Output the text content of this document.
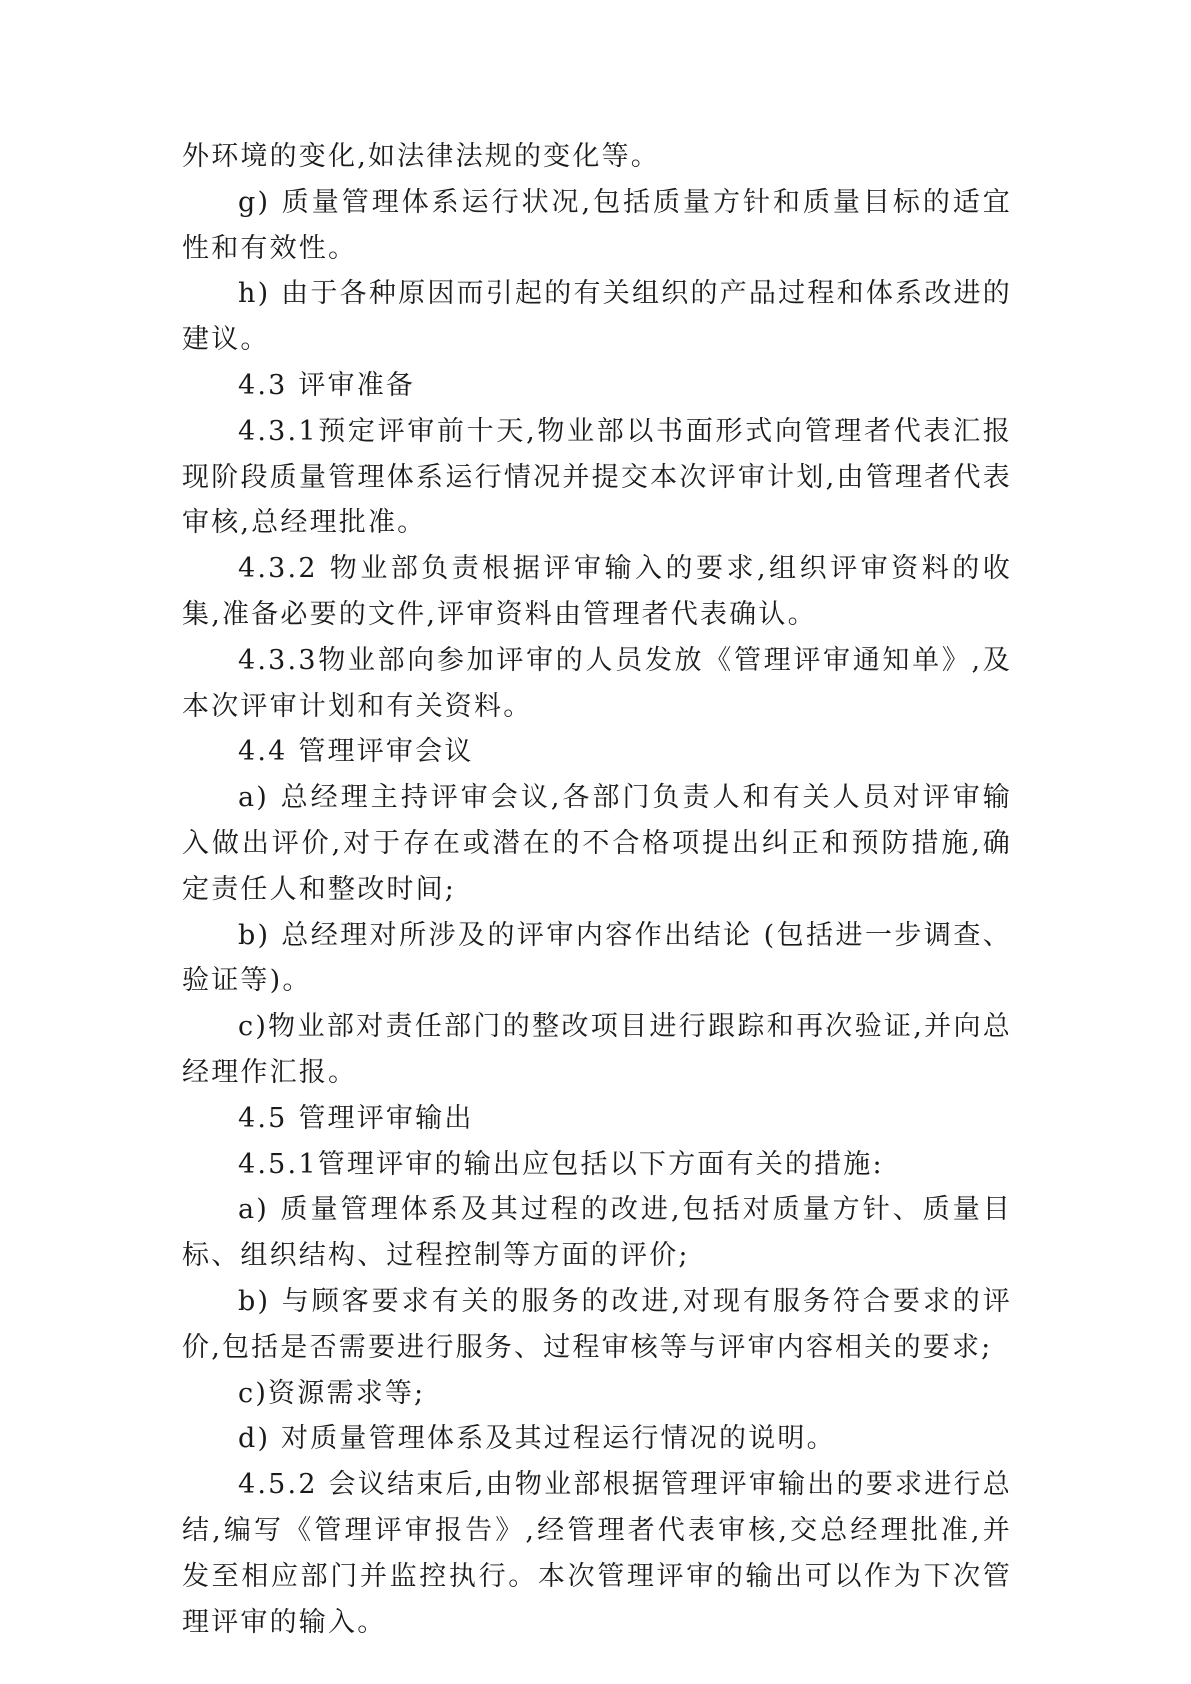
外环境的变化,如法律法规的变化等。

g) 质量管理体系运行状况,包括质量方针和质量目标的适宜性和有效性。

h) 由于各种原因而引起的有关组织的产品过程和体系改进的建议。

4.3 评审准备

4.3.1预定评审前十天,物业部以书面形式向管理者代表汇报现阶段质量管理体系运行情况并提交本次评审计划,由管理者代表审核,总经理批准。

4.3.2 物业部负责根据评审输入的要求,组织评审资料的收集,准备必要的文件,评审资料由管理者代表确认。

4.3.3物业部向参加评审的人员发放《管理评审通知单》,及本次评审计划和有关资料。

4.4 管理评审会议

a) 总经理主持评审会议,各部门负责人和有关人员对评审输入做出评价,对于存在或潜在的不合格项提出纠正和预防措施,确定责任人和整改时间;

b) 总经理对所涉及的评审内容作出结论 (包括进一步调查、验证等)。

c)物业部对责任部门的整改项目进行跟踪和再次验证,并向总经理作汇报。

4.5 管理评审输出

4.5.1管理评审的输出应包括以下方面有关的措施:

a) 质量管理体系及其过程的改进,包括对质量方针、质量目标、组织结构、过程控制等方面的评价;

b) 与顾客要求有关的服务的改进,对现有服务符合要求的评价,包括是否需要进行服务、过程审核等与评审内容相关的要求;

c)资源需求等;

d) 对质量管理体系及其过程运行情况的说明。

4.5.2 会议结束后,由物业部根据管理评审输出的要求进行总结,编写《管理评审报告》,经管理者代表审核,交总经理批准,并发至相应部门并监控执行。本次管理评审的输出可以作为下次管理评审的输入。
